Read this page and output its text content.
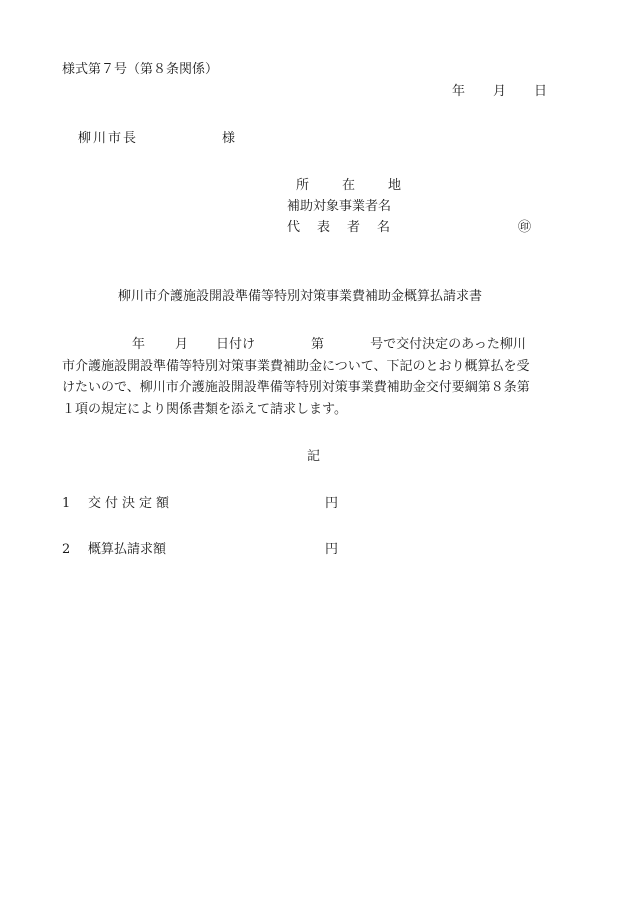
様式第７号（第８条関係）
年 月 日
柳川市長	様
所	在	地
補助対象事業者名
代 表 者 名	㊞
柳川市介護施設開設準備等特別対策事業費補助金概算払請求書
年 月 日付け	第	号で交付決定のあった柳川
市介護施設開設準備等特別対策事業費補助金について、下記のとおり概算払を受
けたいので、柳川市介護施設開設準備等特別対策事業費補助金交付要綱第８条第
１項の規定により関係書類を添えて請求します。
記
1 交付決定額	円
2 概算払請求額	円
